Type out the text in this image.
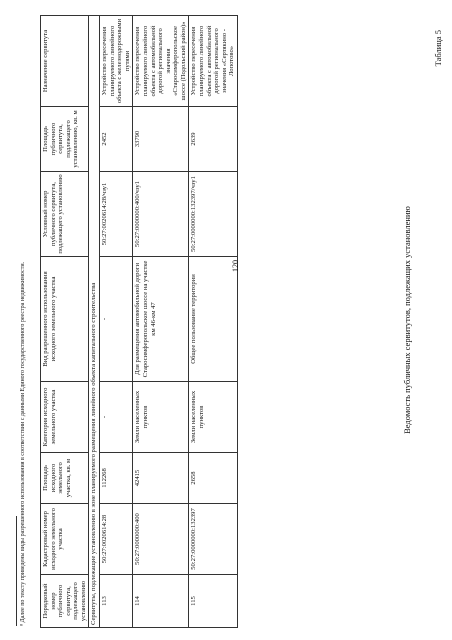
Ведомость публичных сервитутов, подлежащих установлению
Таблица 5
Порядковый номер публичного сервитута, подлежащего установлению	Кадастровый номер исходного земельного участка	Площадь исходного земельного участка, кв. м	Категория исходного земельного участка	Вид разрешенного использования исходного земельного участка	Условный номер публичного сервитута, подлежащего установлению	Площадь публичного сервитута, подлежащего установлению, кв. м	Назначение сервитута
Сервитуты, подлежащие установлению в зоне планируемого размещения линейного объекта капитального строительства							
113	50:27:0020614:28	112268	-	-	50:27:0020614:28/чзу1	2452	Устройство пересечения планируемого линейного объекта с железнодорожными путями
114	50:27:0000000:400	42415	Земли населенных пунктов	Для размещения автомобильной дороги Старосимферопольское шоссе на участке км 46-км 47	50:27:0000000:400/чзу1	33790	Устройство пересечения планируемого линейного объекта с автомобильной дорогой регионального значения «Старосимферопольское шоссе (Подольский район)»
115	50:27:0000000:132397	2658	Земли населенных пунктов	Общее пользование территории	50:27:0000000:132397/чзу1	2639	Устройство пересечения планируемого линейного объекта с автомобильной дорогой регионального значения «Сертякино - Лопотово»
⁸ Далее по тексту приведены виды разрешенного использования в соответствии с данными Единого государственного реестра недвижимости.	120
